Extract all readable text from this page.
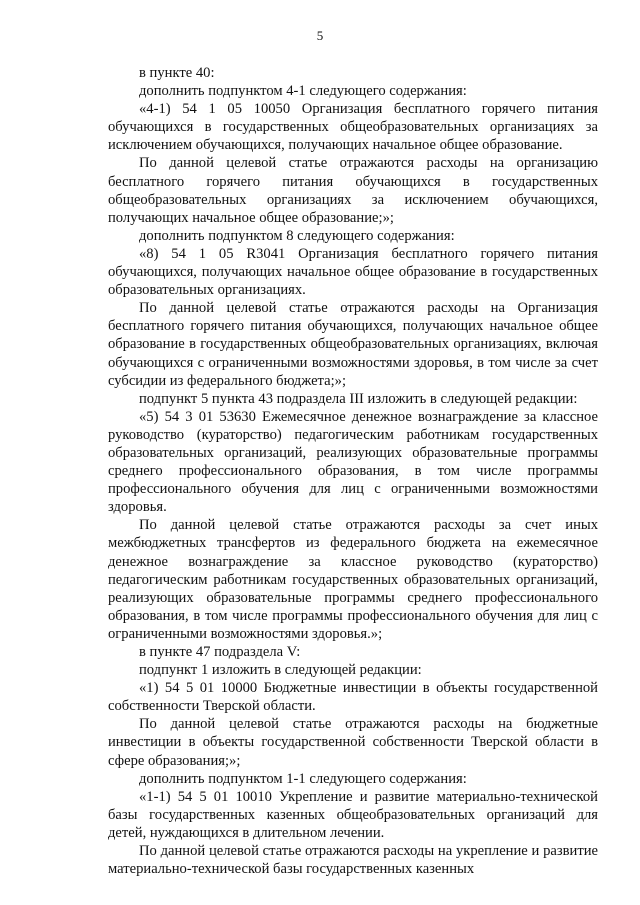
5

в пункте 40:

дополнить подпунктом 4-1 следующего содержания:

«4-1) 54 1 05 10050 Организация бесплатного горячего питания обучающихся в государственных общеобразовательных организациях за исключением обучающихся, получающих начальное общее образование.

По данной целевой статье отражаются расходы на организацию бесплатного горячего питания обучающихся в государственных общеобразовательных организациях за исключением обучающихся, получающих начальное общее образование;»;

дополнить подпунктом 8 следующего содержания:

«8) 54 1 05 R3041 Организация бесплатного горячего питания обучающихся, получающих начальное общее образование в государственных образовательных организациях.

По данной целевой статье отражаются расходы на Организация бесплатного горячего питания обучающихся, получающих начальное общее образование в государственных общеобразовательных организациях, включая обучающихся с ограниченными возможностями здоровья, в том числе за счет субсидии из федерального бюджета;»;

подпункт 5 пункта 43 подраздела III изложить в следующей редакции:

«5) 54 3 01 53630 Ежемесячное денежное вознаграждение за классное руководство (кураторство) педагогическим работникам государственных образовательных организаций, реализующих образовательные программы среднего профессионального образования, в том числе программы профессионального обучения для лиц с ограниченными возможностями здоровья.

По данной целевой статье отражаются расходы за счет иных межбюджетных трансфертов из федерального бюджета на ежемесячное денежное вознаграждение за классное руководство (кураторство) педагогическим работникам государственных образовательных организаций, реализующих образовательные программы среднего профессионального образования, в том числе программы профессионального обучения для лиц с ограниченными возможностями здоровья.»;

в пункте 47 подраздела V:

подпункт 1 изложить в следующей редакции:

«1) 54 5 01 10000 Бюджетные инвестиции в объекты государственной собственности Тверской области.

По данной целевой статье отражаются расходы на бюджетные инвестиции в объекты государственной собственности Тверской области в сфере образования;»;

дополнить подпунктом 1-1 следующего содержания:

«1-1) 54 5 01 10010 Укрепление и развитие материально-технической базы государственных казенных общеобразовательных организаций для детей, нуждающихся в длительном лечении.

По данной целевой статье отражаются расходы на укрепление и развитие материально-технической базы государственных казенных
